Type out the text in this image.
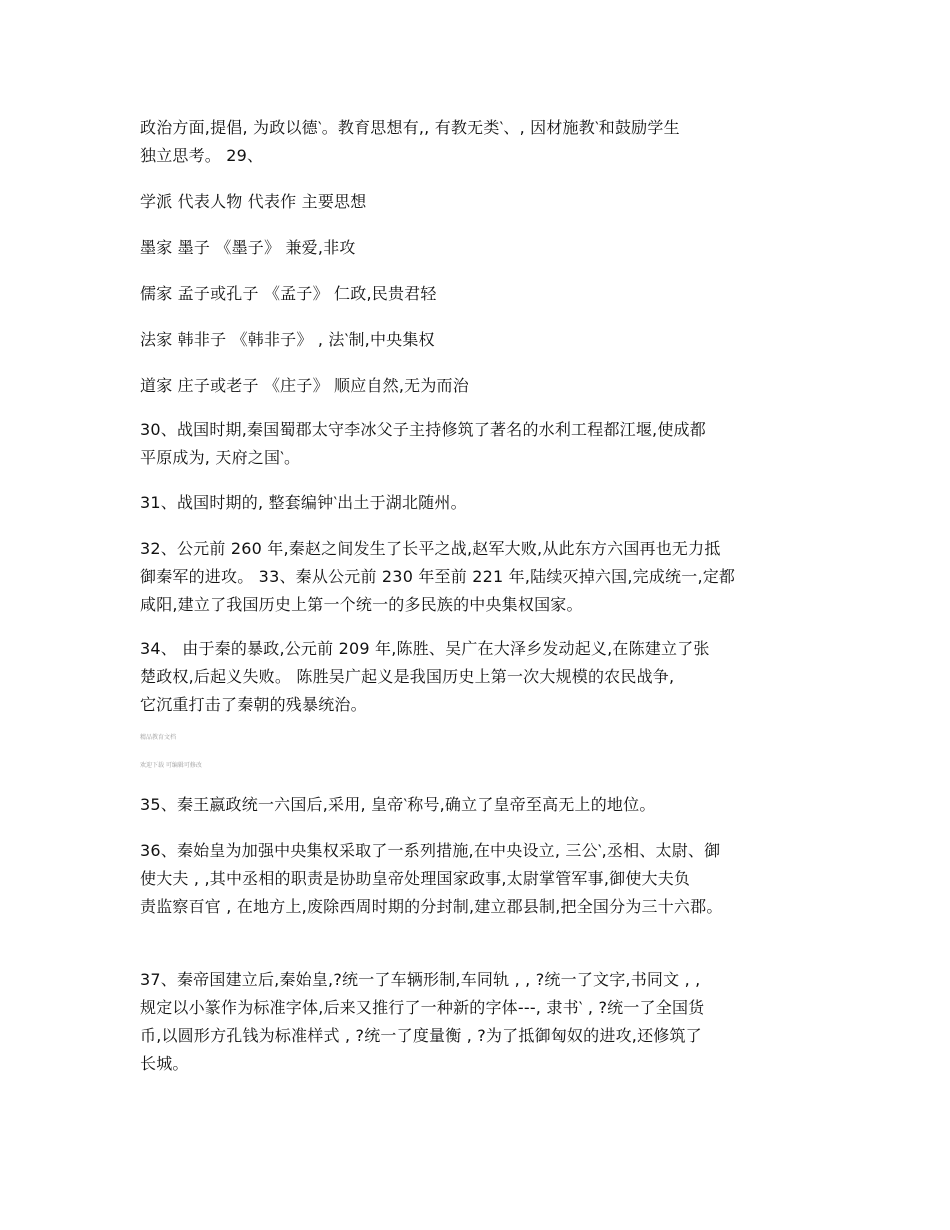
政治方面,提倡, 为政以德‵。教育思想有,, 有教无类‵、, 因材施教‵和鼓励学生

独立思考。 29、

学派 代表人物 代表作 主要思想

墨家 墨子 《墨子》 兼爱,非攻

儒家 孟子或孔子 《孟子》 仁政,民贵君轻

法家 韩非子 《韩非子》 , 法‵制,中央集权

道家 庄子或老子 《庄子》 顺应自然,无为而治

30、战国时期,秦国蜀郡太守李冰父子主持修筑了著名的水利工程都江堰,使成都

平原成为, 天府之国‵。

31、战国时期的, 整套编钟‵出土于湖北随州。

32、公元前 260 年,秦赵之间发生了长平之战,赵军大败,从此东方六国再也无力抵

御秦军的进攻。 33、秦从公元前 230 年至前 221 年,陆续灭掉六国,完成统一,定都

咸阳,建立了我国历史上第一个统一的多民族的中央集权国家。

34、 由于秦的暴政,公元前 209 年,陈胜、吴广在大泽乡发动起义,在陈建立了张

楚政权,后起义失败。 陈胜吴广起义是我国历史上第一次大规模的农民战争,

它沉重打击了秦朝的残暴统治。

精品教育文档

欢迎下载 可编辑可修改

35、秦王嬴政统一六国后,采用, 皇帝‵称号,确立了皇帝至高无上的地位。

36、秦始皇为加强中央集权采取了一系列措施,在中央设立, 三公‵,丞相、太尉、御

使大夫 , ,其中丞相的职责是协助皇帝处理国家政事,太尉掌管军事,御使大夫负

责监察百官 , 在地方上,废除西周时期的分封制,建立郡县制,把全国分为三十六郡。

37、秦帝国建立后,秦始皇,?统一了车辆形制,车同轨 , , ?统一了文字,书同文 , ,

规定以小篆作为标准字体,后来又推行了一种新的字体---, 隶书‵ , ?统一了全国货

币,以圆形方孔钱为标准样式 , ?统一了度量衡 , ?为了抵御匈奴的进攻,还修筑了

长城。
